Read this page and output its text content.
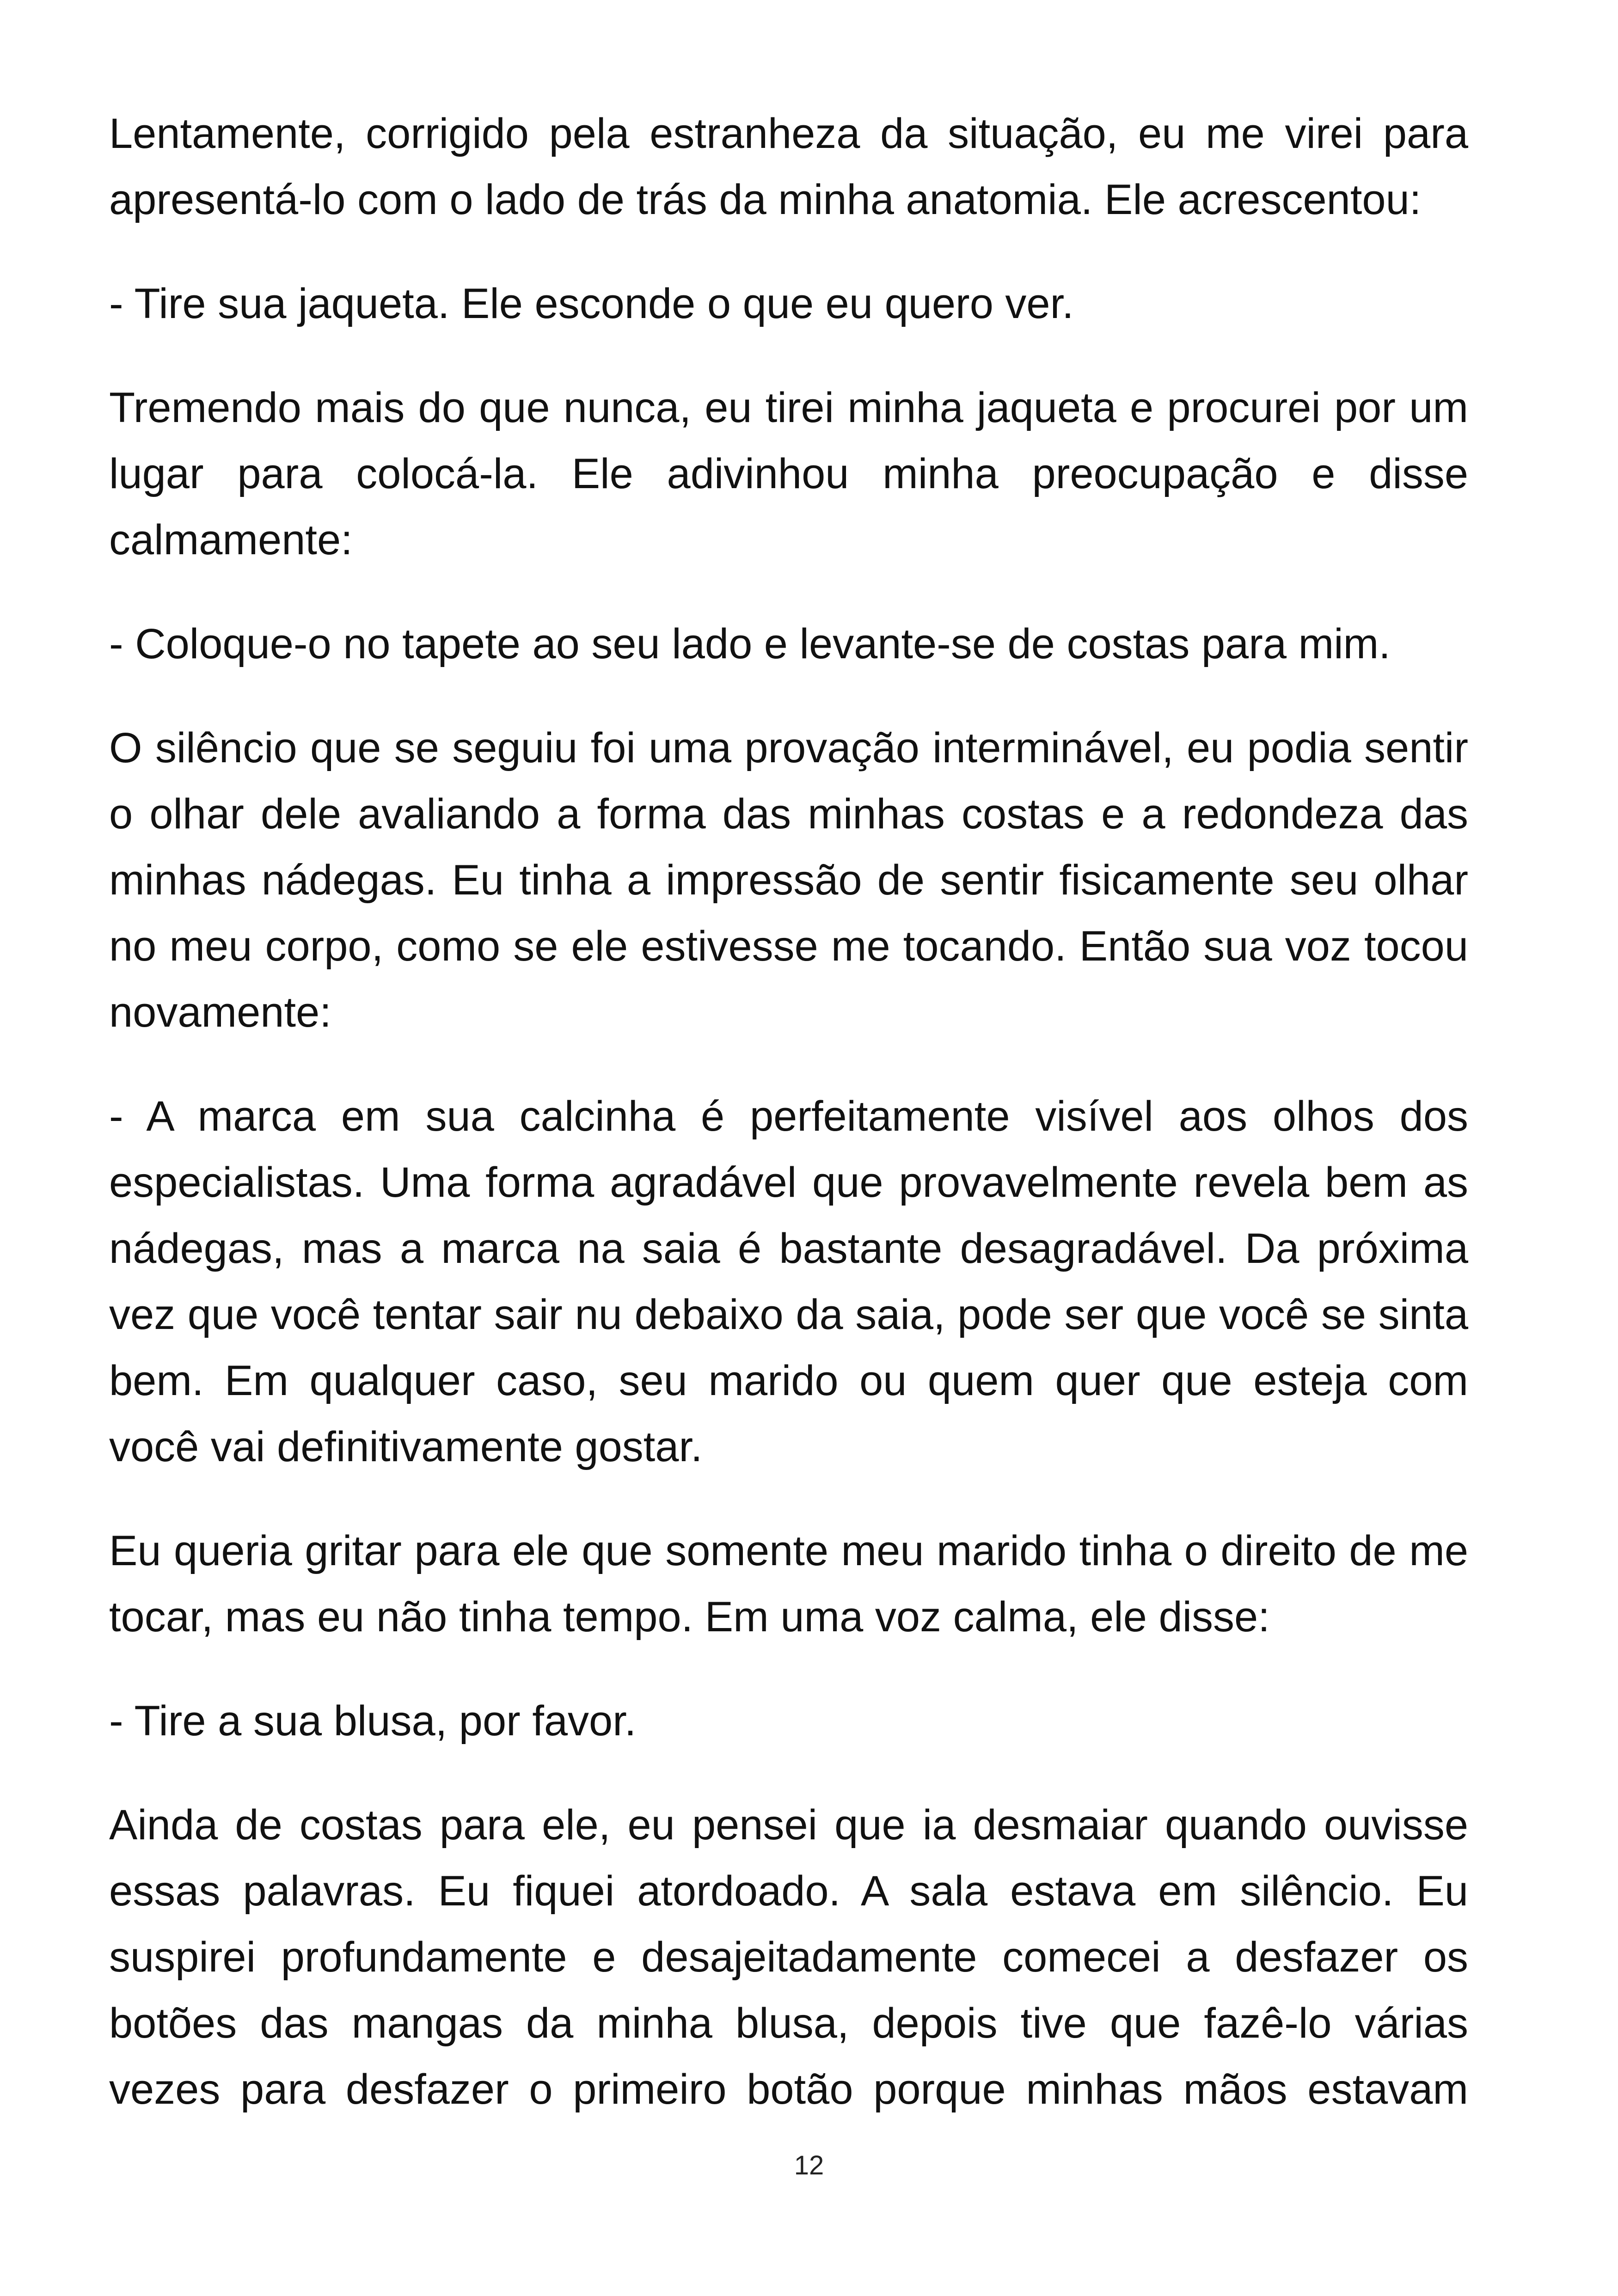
Lentamente, corrigido pela estranheza da situação, eu me virei para apresentá-lo com o lado de trás da minha anatomia. Ele acrescentou:

- Tire sua jaqueta. Ele esconde o que eu quero ver.

Tremendo mais do que nunca, eu tirei minha jaqueta e procurei por um lugar para colocá-la. Ele adivinhou minha preocupação e disse calmamente:

- Coloque-o no tapete ao seu lado e levante-se de costas para mim.

O silêncio que se seguiu foi uma provação interminável, eu podia sentir o olhar dele avaliando a forma das minhas costas e a redondeza das minhas nádegas. Eu tinha a impressão de sentir fisicamente seu olhar no meu corpo, como se ele estivesse me tocando. Então sua voz tocou novamente:

- A marca em sua calcinha é perfeitamente visível aos olhos dos especialistas. Uma forma agradável que provavelmente revela bem as nádegas, mas a marca na saia é bastante desagradável. Da próxima vez que você tentar sair nu debaixo da saia, pode ser que você se sinta bem. Em qualquer caso, seu marido ou quem quer que esteja com você vai definitivamente gostar.

Eu queria gritar para ele que somente meu marido tinha o direito de me tocar, mas eu não tinha tempo. Em uma voz calma, ele disse:

- Tire a sua blusa, por favor.

Ainda de costas para ele, eu pensei que ia desmaiar quando ouvisse essas palavras. Eu fiquei atordoado. A sala estava em silêncio. Eu suspirei profundamente e desajeitadamente comecei a desfazer os botões das mangas da minha blusa, depois tive que fazê-lo várias vezes para desfazer o primeiro botão porque minhas mãos estavam

12
